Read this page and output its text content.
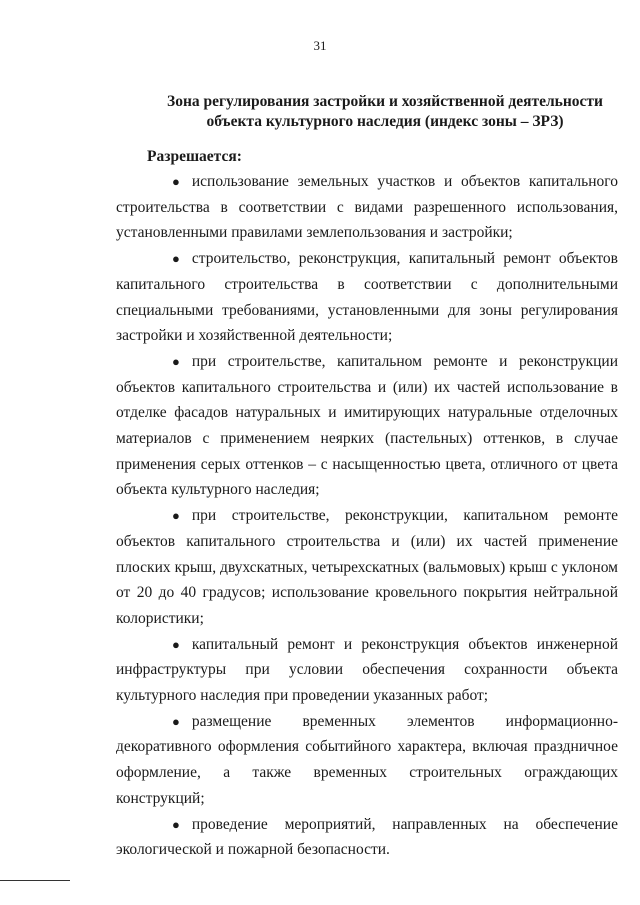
31
Зона регулирования застройки и хозяйственной деятельности
объекта культурного наследия (индекс зоны – ЗРЗ)
Разрешается:

● использование земельных участков и объектов капитального строительства в соответствии с видами разрешенного использования, установленными правилами землепользования и застройки;

● строительство, реконструкция, капитальный ремонт объектов капитального строительства в соответствии с дополнительными специальными требованиями, установленными для зоны регулирования застройки и хозяйственной деятельности;

● при строительстве, капитальном ремонте и реконструкции объектов капитального строительства и (или) их частей использование в отделке фасадов натуральных и имитирующих натуральные отделочных материалов с применением неярких (пастельных) оттенков, в случае применения серых оттенков – с насыщенностью цвета, отличного от цвета объекта культурного наследия;

● при строительстве, реконструкции, капитальном ремонте объектов капитального строительства и (или) их частей применение плоских крыш, двухскатных, четырехскатных (вальмовых) крыш с уклоном от 20 до 40 градусов; использование кровельного покрытия нейтральной колористики;

● капитальный ремонт и реконструкция объектов инженерной инфраструктуры при условии обеспечения сохранности объекта культурного наследия при проведении указанных работ;

● размещение временных элементов информационно-декоративного оформления событийного характера, включая праздничное оформление, а также временных строительных ограждающих конструкций;

● проведение мероприятий, направленных на обеспечение экологической и пожарной безопасности.
